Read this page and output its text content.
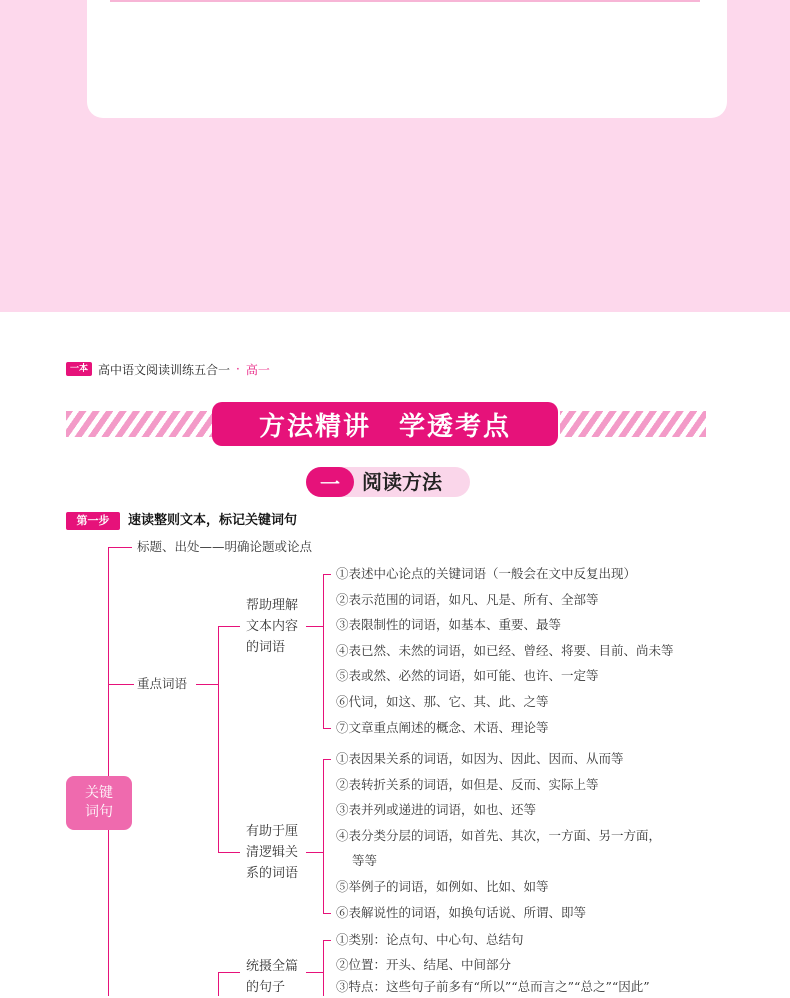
一本 高中语文阅读训练五合一 · 高一
方法精讲　学透考点
一	阅读方法
第一步	速读整则文本，标记关键词句
关键
词句
标题、出处——明确论题或论点
重点词语
帮助理解
文本内容
的词语
有助于厘
清逻辑关
系的词语
统摄全篇
的句子
①表述中心论点的关键词语（一般会在文中反复出现）
②表示范围的词语，如凡、凡是、所有、全部等
③表限制性的词语，如基本、重要、最等
④表已然、未然的词语，如已经、曾经、将要、目前、尚未等
⑤表或然、必然的词语，如可能、也许、一定等
⑥代词，如这、那、它、其、此、之等
⑦文章重点阐述的概念、术语、理论等
①表因果关系的词语，如因为、因此、因而、从而等
②表转折关系的词语，如但是、反而、实际上等
③表并列或递进的词语，如也、还等
④表分类分层的词语，如首先、其次，一方面、另一方面，
等等
⑤举例子的词语，如例如、比如、如等
⑥表解说性的词语，如换句话说、所谓、即等
①类别：论点句、中心句、总结句
②位置：开头、结尾、中间部分
③特点：这些句子前多有“所以”“总而言之”“总之”“因此”
